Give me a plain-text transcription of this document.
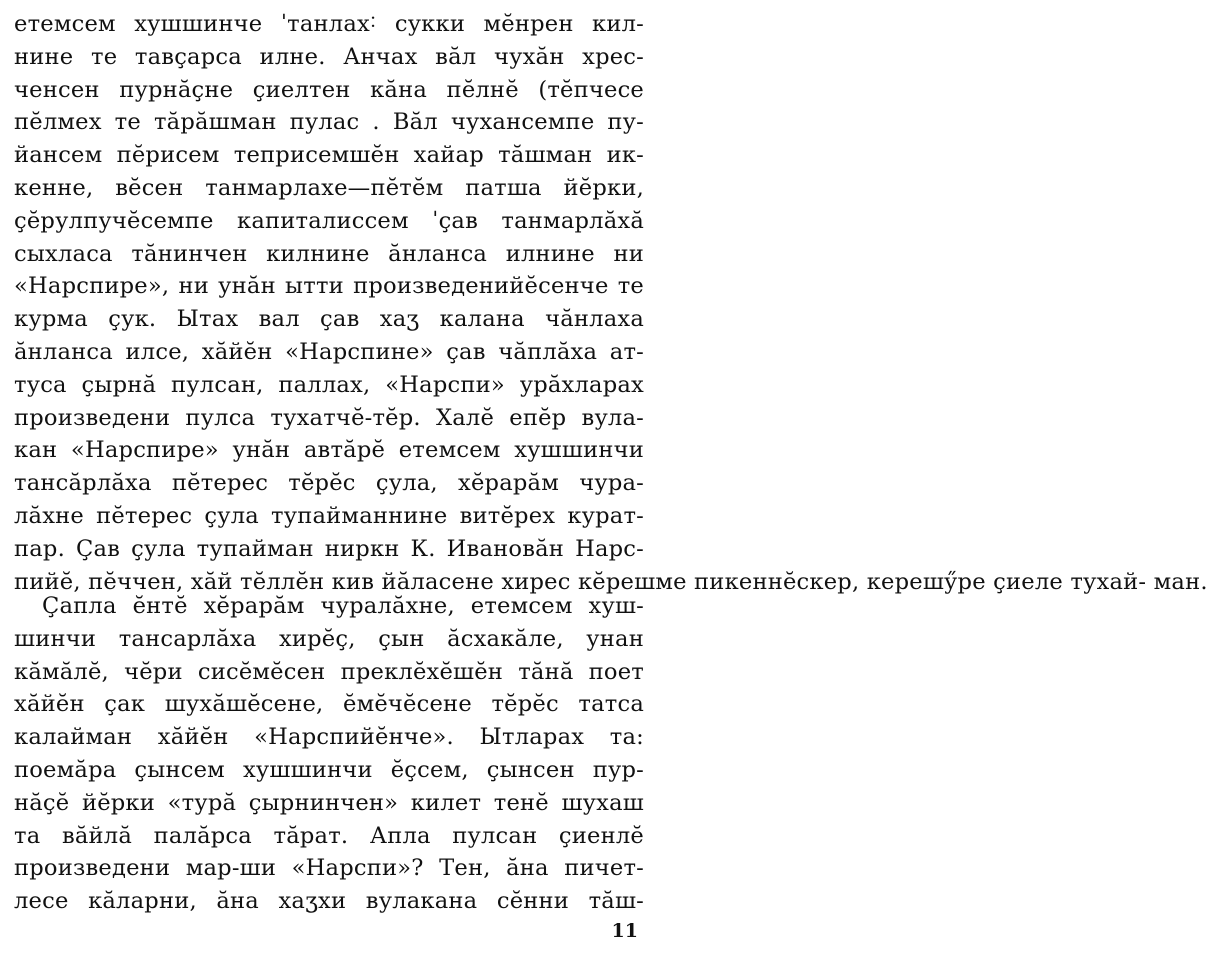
етемсем хушшинче ˈтанлах˸ сукки мӗнрен кил-
нине те тавҫарса илне. Анчах вӑл чухӑн хрес-
ченсен пурнӑҫне ҫиелтен кӑна пӗлнӗ (тӗпчесе
пӗлмех те тӑрӑшман пулас . Вӑл чухансемпе пу-
йансем пӗрисем теприсемшӗн хайар тӑшман ик-
кенне, вӗсен танмарлахе—пӗтӗм патша йӗрки,
ҫӗрулпучӗсемпе капиталиссем ˈҫав танмарлӑхӑ
сыхласа тӑнинчен килнине ӑнланса илнине ни
«Нарспире», ни унӑн ытти произведенийӗсенче те
курма ҫук. Ытах вал ҫав хаӡ калана чӑнлаха
ӑнланса илсе, хӑйӗн «Нарспине» ҫав чӑплӑха ат-
туса ҫырнӑ пулсан, паллах, «Нарспи» урӑхларах
произведени пулса тухатчӗ-тӗр. Халӗ епӗр вула-
кан «Нарспире» унӑн автӑрӗ етемсем хушшинчи
тансӑрлӑха пӗтерес тӗрӗс ҫула, хӗрарӑм чура-
лӑхне пӗтерес ҫула тупайманнине витӗрех курат-
пар. Ҫав ҫула тупайман ниркн К. Ивановӑн Нарс-
пийӗ, пӗччен, хӑй тӗллӗн кив йӑласене хирес кӗрешме пикеннӗскер, керешӳре ҫиеле тухай- ман.
Ҫапла ӗнтӗ хӗрарӑм чуралӑхне, етемсем хуш-
шинчи тансарлӑха хирӗҫ, ҫын ӑсхакӑле, унан
кӑмӑлӗ, чӗри сисӗмӗсен преклӗхӗшӗн тӑнӑ поет
хӑйӗн ҫак шухӑшӗсене, ӗмӗчӗсене тӗрӗс татса
калайман хӑйӗн «Нарспийӗнче». Ытларах та:
поемӑра ҫынсем хушшинчи ӗҫсем, ҫынсен пур-
нӑҫӗ йӗрки «турӑ ҫырнинчен» килет тенӗ шухаш
та вӑйлӑ палӑрса тӑрат. Апла пулсан ҫиенлӗ
произведени мар-ши «Нарспи»? Тен, ӑна пичет-
лесе кӑларни, ӑна хаӡхи вулакана сӗнни тӑш-
11
